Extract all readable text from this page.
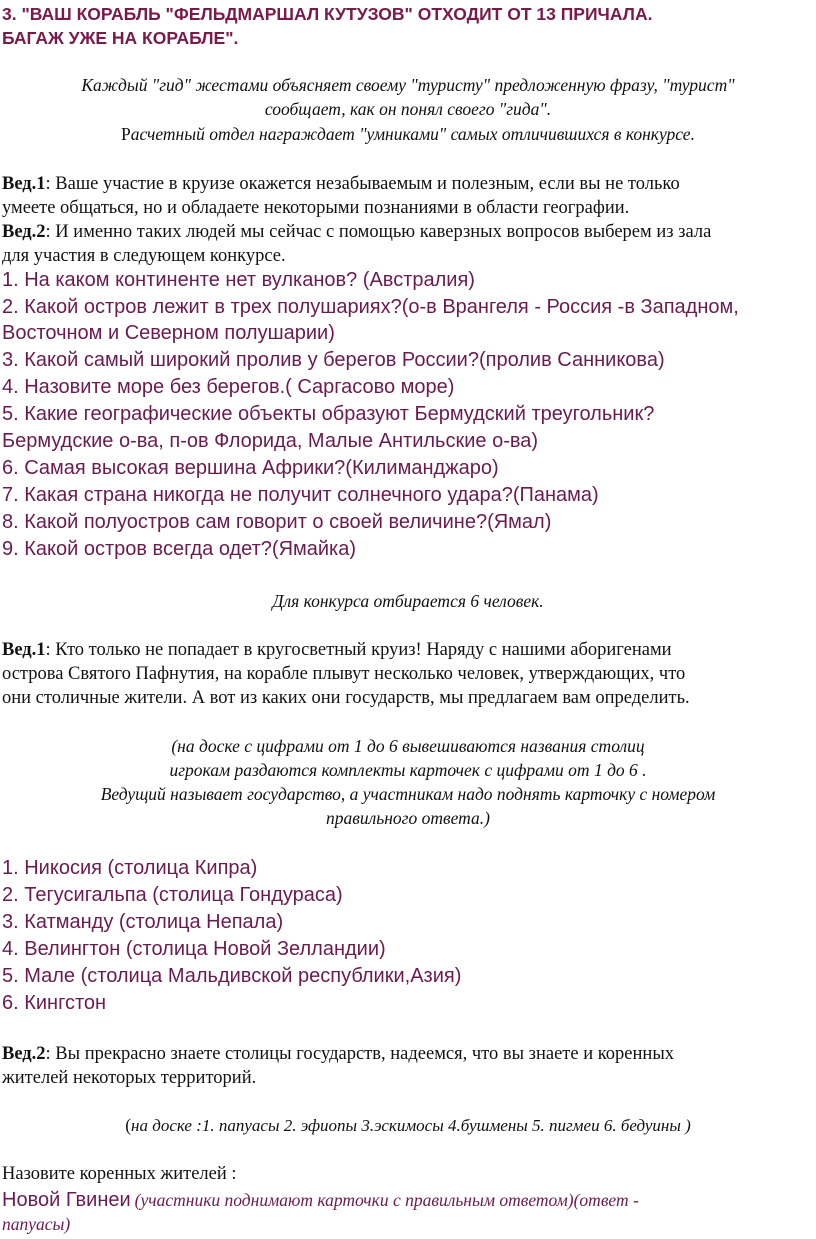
3. "ВАШ КОРАБЛЬ "ФЕЛЬДМАРШАЛ КУТУЗОВ" ОТХОДИТ ОТ 13 ПРИЧАЛА.
БАГАЖ УЖЕ НА КОРАБЛЕ".
Каждый "гид" жестами объясняет своему "туристу" предложенную фразу, "турист"
сообщает, как он понял своего "гида".
Расчетный отдел награждает "умниками" самых отличившихся в конкурсе.
Вед.1: Ваше участие в круизе окажется незабываемым и полезным, если вы не только
умеете общаться, но и обладаете некоторыми познаниями в области географии.
Вед.2: И именно таких людей мы сейчас с помощью каверзных вопросов выберем из зала
для участия в следующем конкурсе.
1. На каком континенте нет вулканов? (Австралия)
2. Какой остров лежит в трех полушариях?(о-в Врангеля - Россия -в Западном,
Восточном и Северном полушарии)
3. Какой самый широкий пролив у берегов России?(пролив Санникова)
4. Назовите море без берегов.( Саргасово море)
5. Какие географические объекты образуют Бермудский треугольник?
Бермудские о-ва, п-ов Флорида, Малые Антильские о-ва)
6. Самая высокая вершина Африки?(Килиманджаро)
7. Какая страна никогда не получит солнечного удара?(Панама)
8. Какой полуостров сам говорит о своей величине?(Ямал)
9. Какой остров всегда одет?(Ямайка)
Для конкурса отбирается 6 человек.
Вед.1: Кто только не попадает в кругосветный круиз! Наряду с нашими аборигенами
острова Святого Пафнутия, на корабле плывут несколько человек, утверждающих, что
они столичные жители. А вот из каких они государств, мы предлагаем вам определить.
(на доске с цифрами от 1 до 6 вывешиваются названия столиц
игрокам раздаются комплекты карточек с цифрами от 1 до 6 .
Ведущий называет государство, а участникам надо поднять карточку с номером
правильного ответа.)
1. Никосия (столица Кипра)
2. Тегусигальпа (столица Гондураса)
3. Катманду (столица Непала)
4. Велингтон (столица Новой Зелландии)
5. Мале (столица Мальдивской республики,Азия)
6. Кингстон
Вед.2: Вы прекрасно знаете столицы государств, надеемся, что вы знаете и коренных
жителей некоторых территорий.
(на доске :1. папуасы 2. эфиопы 3.эскимосы 4.бушмены 5. пигмеи 6. бедуины )
Назовите коренных жителей :
Новой Гвинеи (участники поднимают карточки с правильным ответом)(ответ -
папуасы)
